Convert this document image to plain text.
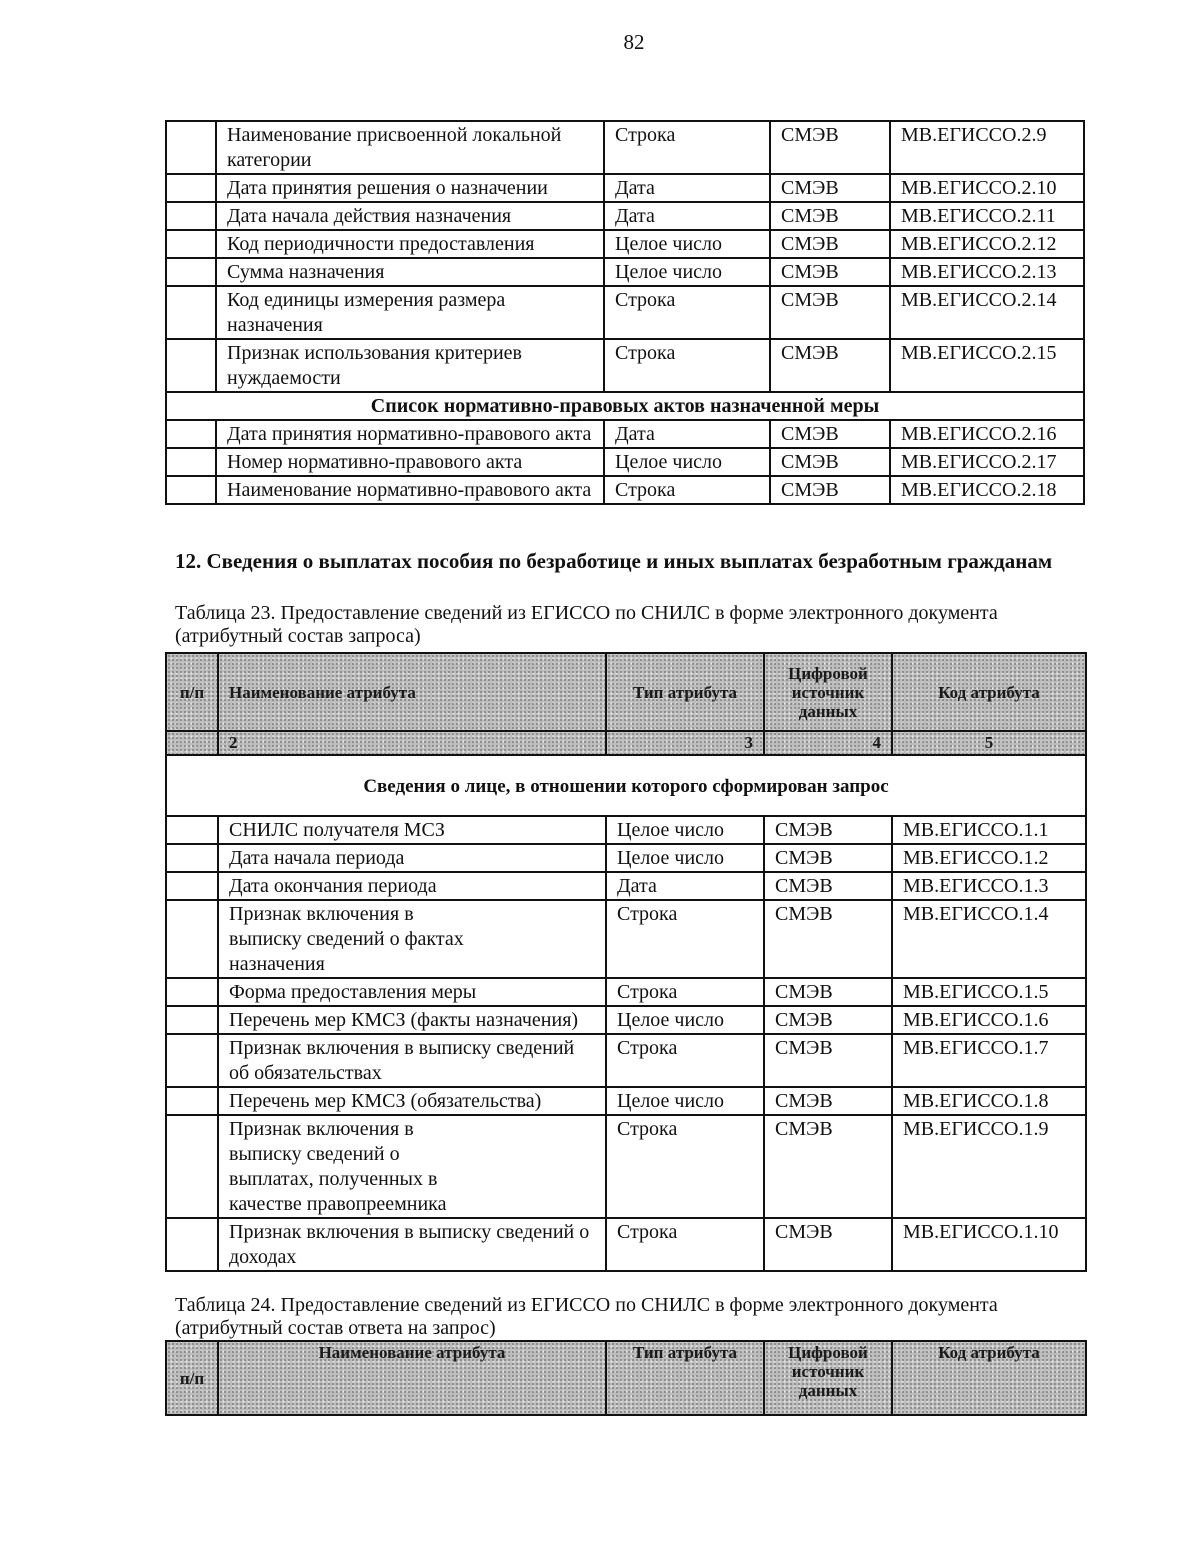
82
	Наименование присвоенной локальной категории	Строка	СМЭВ	МВ.ЕГИССО.2.9
	Дата принятия решения о назначении	Дата	СМЭВ	МВ.ЕГИССО.2.10
	Дата начала действия назначения	Дата	СМЭВ	МВ.ЕГИССО.2.11
	Код периодичности предоставления	Целое число	СМЭВ	МВ.ЕГИССО.2.12
	Сумма назначения	Целое число	СМЭВ	МВ.ЕГИССО.2.13
	Код единицы измерения размера назначения	Строка	СМЭВ	МВ.ЕГИССО.2.14
	Признак использования критериев нуждаемости	Строка	СМЭВ	МВ.ЕГИССО.2.15
Список нормативно-правовых актов назначенной меры				
	Дата принятия нормативно-правового акта	Дата	СМЭВ	МВ.ЕГИССО.2.16
	Номер нормативно-правового акта	Целое число	СМЭВ	МВ.ЕГИССО.2.17
	Наименование нормативно-правового акта	Строка	СМЭВ	МВ.ЕГИССО.2.18
12. Сведения о выплатах пособия по безработице и иных выплатах безработным гражданам
Таблица 23. Предоставление сведений из ЕГИССО по СНИЛС в форме электронного документа (атрибутный состав запроса)
п/п	Наименование атрибута	Тип атрибута	Цифровой источник данных	Код атрибута
	2	3	4	5
Сведения о лице, в отношении которого сформирован запрос				
	СНИЛС получателя МСЗ	Целое число	СМЭВ	МВ.ЕГИССО.1.1
	Дата начала периода	Целое число	СМЭВ	МВ.ЕГИССО.1.2
	Дата окончания периода	Дата	СМЭВ	МВ.ЕГИССО.1.3
	Признак включения в выписку сведений о фактах назначения	Строка	СМЭВ	МВ.ЕГИССО.1.4
	Форма предоставления меры	Строка	СМЭВ	МВ.ЕГИССО.1.5
	Перечень мер КМСЗ (факты назначения)	Целое число	СМЭВ	МВ.ЕГИССО.1.6
	Признак включения в выписку сведений об обязательствах	Строка	СМЭВ	МВ.ЕГИССО.1.7
	Перечень мер КМСЗ (обязательства)	Целое число	СМЭВ	МВ.ЕГИССО.1.8
	Признак включения в выписку сведений о выплатах, полученных в качестве правопреемника	Строка	СМЭВ	МВ.ЕГИССО.1.9
	Признак включения в выписку сведений о доходах	Строка	СМЭВ	МВ.ЕГИССО.1.10
Таблица 24. Предоставление сведений из ЕГИССО по СНИЛС в форме электронного документа (атрибутный состав ответа на запрос)
п/п	Наименование атрибута	Тип атрибута	Цифровой источник данных	Код атрибута
